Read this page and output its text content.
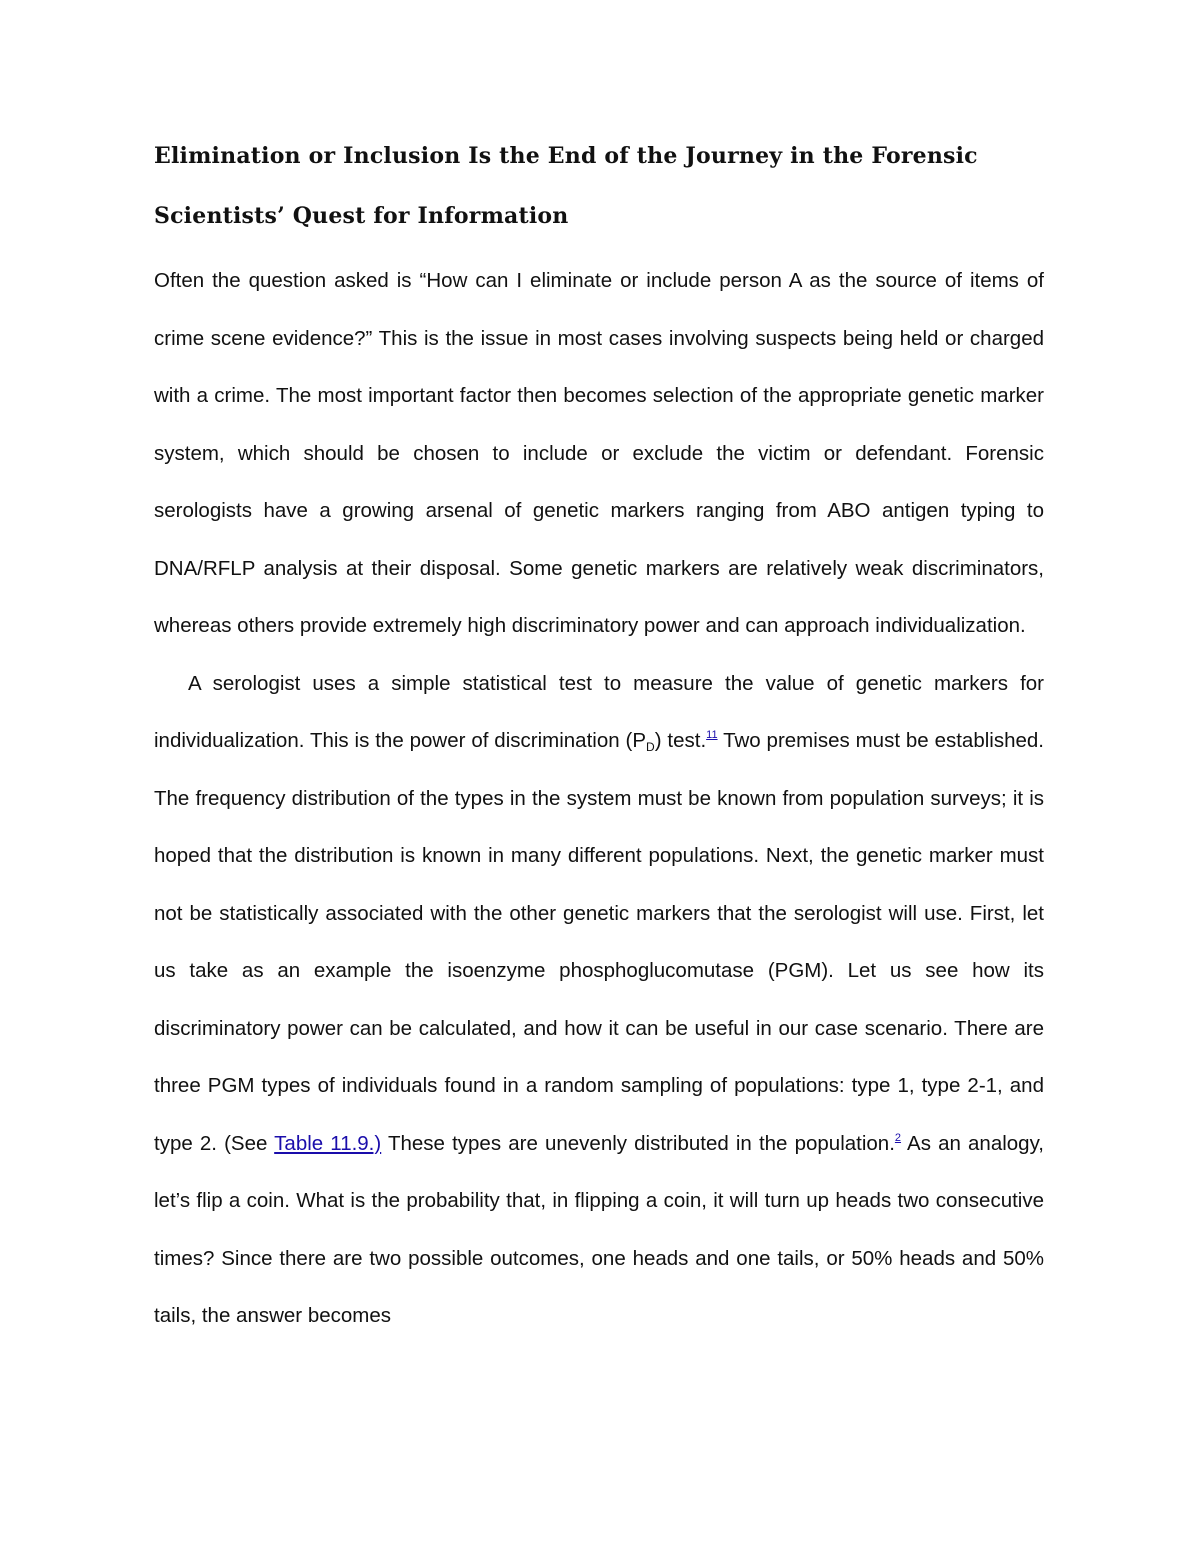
Elimination or Inclusion Is the End of the Journey in the Forensic Scientists’ Quest for Information

Often the question asked is “How can I eliminate or include person A as the source of items of crime scene evidence?” This is the issue in most cases involving suspects being held or charged with a crime. The most important factor then becomes selection of the appropriate genetic marker system, which should be chosen to include or exclude the victim or defendant. Forensic serologists have a growing arsenal of genetic markers ranging from ABO antigen typing to DNA/RFLP analysis at their disposal. Some genetic markers are relatively weak discriminators, whereas others provide extremely high discriminatory power and can approach individualization.

A serologist uses a simple statistical test to measure the value of genetic markers for individualization. This is the power of discrimination $(P_D)$ test.$^{11}$ Two premises must be established. The frequency distribution of the types in the system must be known from population surveys; it is hoped that the distribution is known in many different populations. Next, the genetic marker must not be statistically associated with the other genetic markers that the serologist will use. First, let us take as an example the isoenzyme phosphoglucomutase (PGM). Let us see how its discriminatory power can be calculated, and how it can be useful in our case scenario. There are three PGM types of individuals found in a random sampling of populations: type 1, type 2-1, and type 2. (See Table 11.9.) These types are unevenly distributed in the population.$^2$ As an analogy, let’s flip a coin. What is the probability that, in flipping a coin, it will turn up heads two consecutive times? Since there are two possible outcomes, one heads and one tails, or 50% heads and 50% tails, the answer becomes
